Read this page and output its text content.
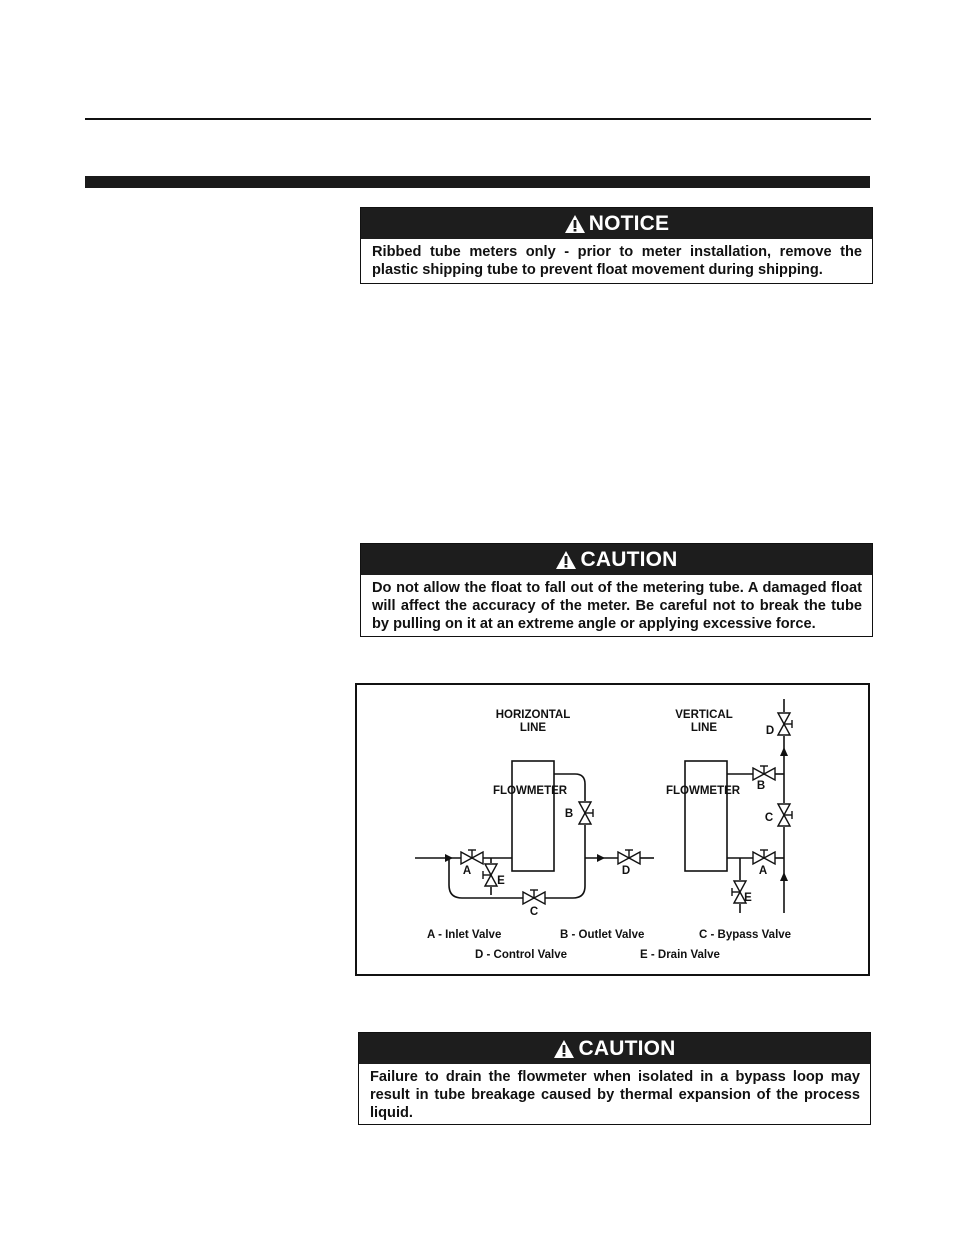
NOTICE
Ribbed tube meters only - prior to meter installation, remove the plastic shipping tube to prevent float movement during shipping.
CAUTION
Do not allow the float to fall out of the metering tube. A damaged float will affect the accuracy of the meter. Be careful not to break the tube by pulling on it at an extreme angle or applying excessive force.
HORIZONTAL
LINE
VERTICAL
LINE
FLOWMETER
A
B
C
D
E
FLOWMETER
A
B
C
D
E
A - Inlet Valve	B - Outlet Valve	C - Bypass Valve
D - Control Valve	E - Drain Valve
CAUTION
Failure to drain the flowmeter when isolated in a bypass loop may result in tube breakage caused by thermal expansion of the process liquid.
